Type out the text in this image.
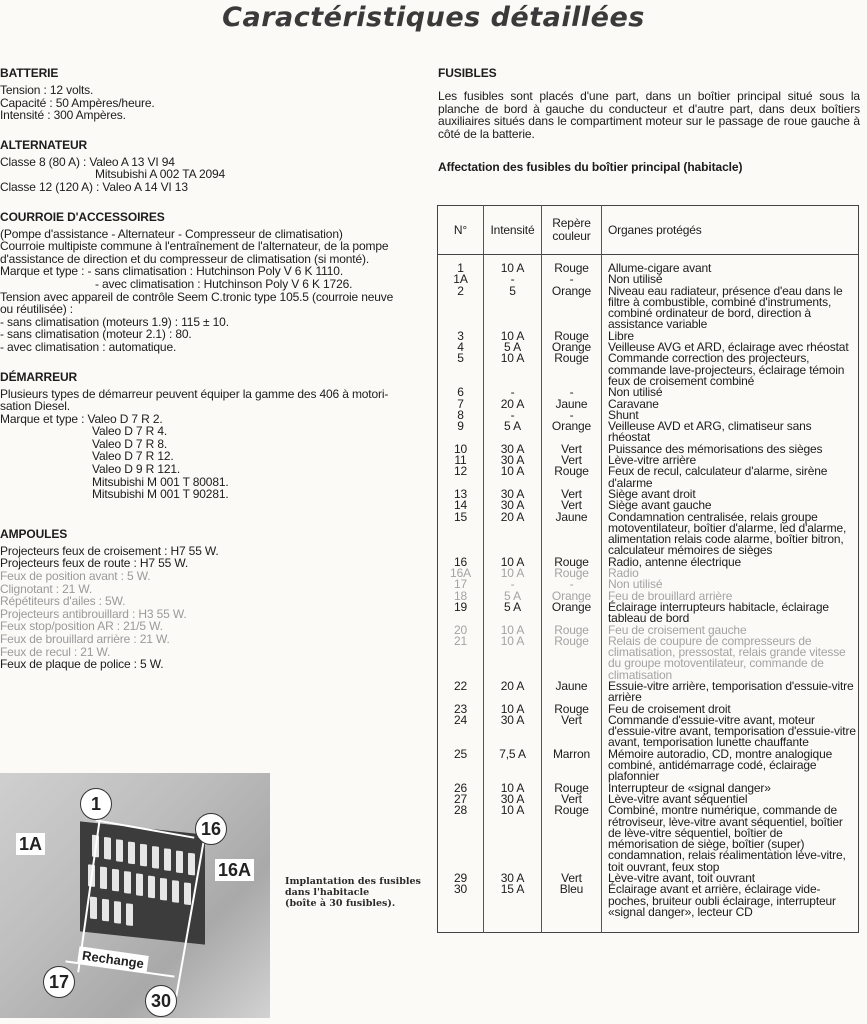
Caractéristiques détaillées
BATTERIE
Tension : 12 volts.
Capacité : 50 Ampères/heure.
Intensité : 300 Ampères.
ALTERNATEUR
Classe 8 (80 A) : Valeo A 13 VI 94
Mitsubishi A 002 TA 2094
Classe 12 (120 A) : Valeo A 14 VI 13
COURROIE D'ACCESSOIRES
(Pompe d'assistance - Alternateur - Compresseur de climatisation)
Courroie multipiste commune à l'entraînement de l'alternateur, de la pompe
d'assistance de direction et du compresseur de climatisation (si monté).
Marque et type : - sans climatisation : Hutchinson Poly V 6 K 1110.
- avec climatisation : Hutchinson Poly V 6 K 1726.
Tension avec appareil de contrôle Seem C.tronic type 105.5 (courroie neuve
ou réutilisée) :
- sans climatisation (moteurs 1.9) : 115 ± 10.
- sans climatisation (moteur 2.1) : 80.
- avec climatisation : automatique.
DÉMARREUR
Plusieurs types de démarreur peuvent équiper la gamme des 406 à motori-
sation Diesel.
Marque et type : Valeo D 7 R 2.
Valeo D 7 R 4.
Valeo D 7 R 8.
Valeo D 7 R 12.
Valeo D 9 R 121.
Mitsubishi M 001 T 80081.
Mitsubishi M 001 T 90281.
AMPOULES
Projecteurs feux de croisement : H7 55 W.
Projecteurs feux de route : H7 55 W.
Feux de position avant : 5 W.
Clignotant : 21 W.
Répétiteurs d'ailes : 5W.
Projecteurs antibrouillard : H3 55 W.
Feux stop/position AR : 21/5 W.
Feux de brouillard arrière : 21 W.
Feux de recul : 21 W.
Feux de plaque de police : 5 W.
1
1A
16
16A
17
30
Rechange
Implantation des fusibles
dans l'habitacle
(boîte à 30 fusibles).
FUSIBLES
Les fusibles sont placés d'une part, dans un boîtier principal situé sous la planche de bord à gauche du conducteur et d'autre part, dans deux boîtiers auxiliaires situés dans le compartiment moteur sur le passage de roue gauche à côté de la batterie.
Affectation des fusibles du boîtier principal (habitacle)
N°	Intensité	Repère couleur	Organes protégés
1	10 A	Rouge	Allume-cigare avant
1A	-	-	Non utilisé
2	5	Orange	Niveau eau radiateur, présence d'eau dans le filtre à combustible, combiné d'instruments, combiné ordinateur de bord, direction à assistance variable
3	10 A	Rouge	Libre
4	5 A	Orange	Veilleuse AVG et ARD, éclairage avec rhéostat
5	10 A	Rouge	Commande correction des projecteurs, commande lave-projecteurs, éclairage témoin feux de croisement combiné
6	-	-	Non utilisé
7	20 A	Jaune	Caravane
8	-	-	Shunt
9	5 A	Orange	Veilleuse AVD et ARG, climatiseur sans rhéostat
10	30 A	Vert	Puissance des mémorisations des sièges
11	30 A	Vert	Lève-vitre arrière
12	10 A	Rouge	Feux de recul, calculateur d'alarme, sirène d'alarme
13	30 A	Vert	Siège avant droit
14	30 A	Vert	Siège avant gauche
15	20 A	Jaune	Condamnation centralisée, relais groupe motoventilateur, boîtier d'alarme, led d'alarme, alimentation relais code alarme, boîtier bitron, calculateur mémoires de sièges
16	10 A	Rouge	Radio, antenne électrique
16A	10 A	Rouge	Radio
17	-	-	Non utilisé
18	5 A	Orange	Feu de brouillard arrière
19	5 A	Orange	Éclairage interrupteurs habitacle, éclairage tableau de bord
20	10 A	Rouge	Feu de croisement gauche
21	10 A	Rouge	Relais de coupure de compresseurs de climatisation, pressostat, relais grande vitesse du groupe motoventilateur, commande de climatisation
22	20 A	Jaune	Essuie-vitre arrière, temporisation d'essuie-vitre arrière
23	10 A	Rouge	Feu de croisement droit
24	30 A	Vert	Commande d'essuie-vitre avant, moteur d'essuie-vitre avant, temporisation d'essuie-vitre avant, temporisation lunette chauffante
25	7,5 A	Marron	Mémoire autoradio, CD, montre analogique combiné, antidémarrage codé, éclairage plafonnier
26	10 A	Rouge	Interrupteur de «signal danger»
27	30 A	Vert	Lève-vitre avant séquentiel
28	10 A	Rouge	Combiné, montre numérique, commande de rétroviseur, lève-vitre avant séquentiel, boîtier de lève-vitre séquentiel, boîtier de mémorisation de siège, boîtier (super) condamnation, relais réalimentation lève-vitre, toit ouvrant, feux stop
29	30 A	Vert	Lève-vitre avant, toit ouvrant
30	15 A	Bleu	Éclairage avant et arrière, éclairage vide-poches, bruiteur oubli éclairage, interrupteur «signal danger», lecteur CD
